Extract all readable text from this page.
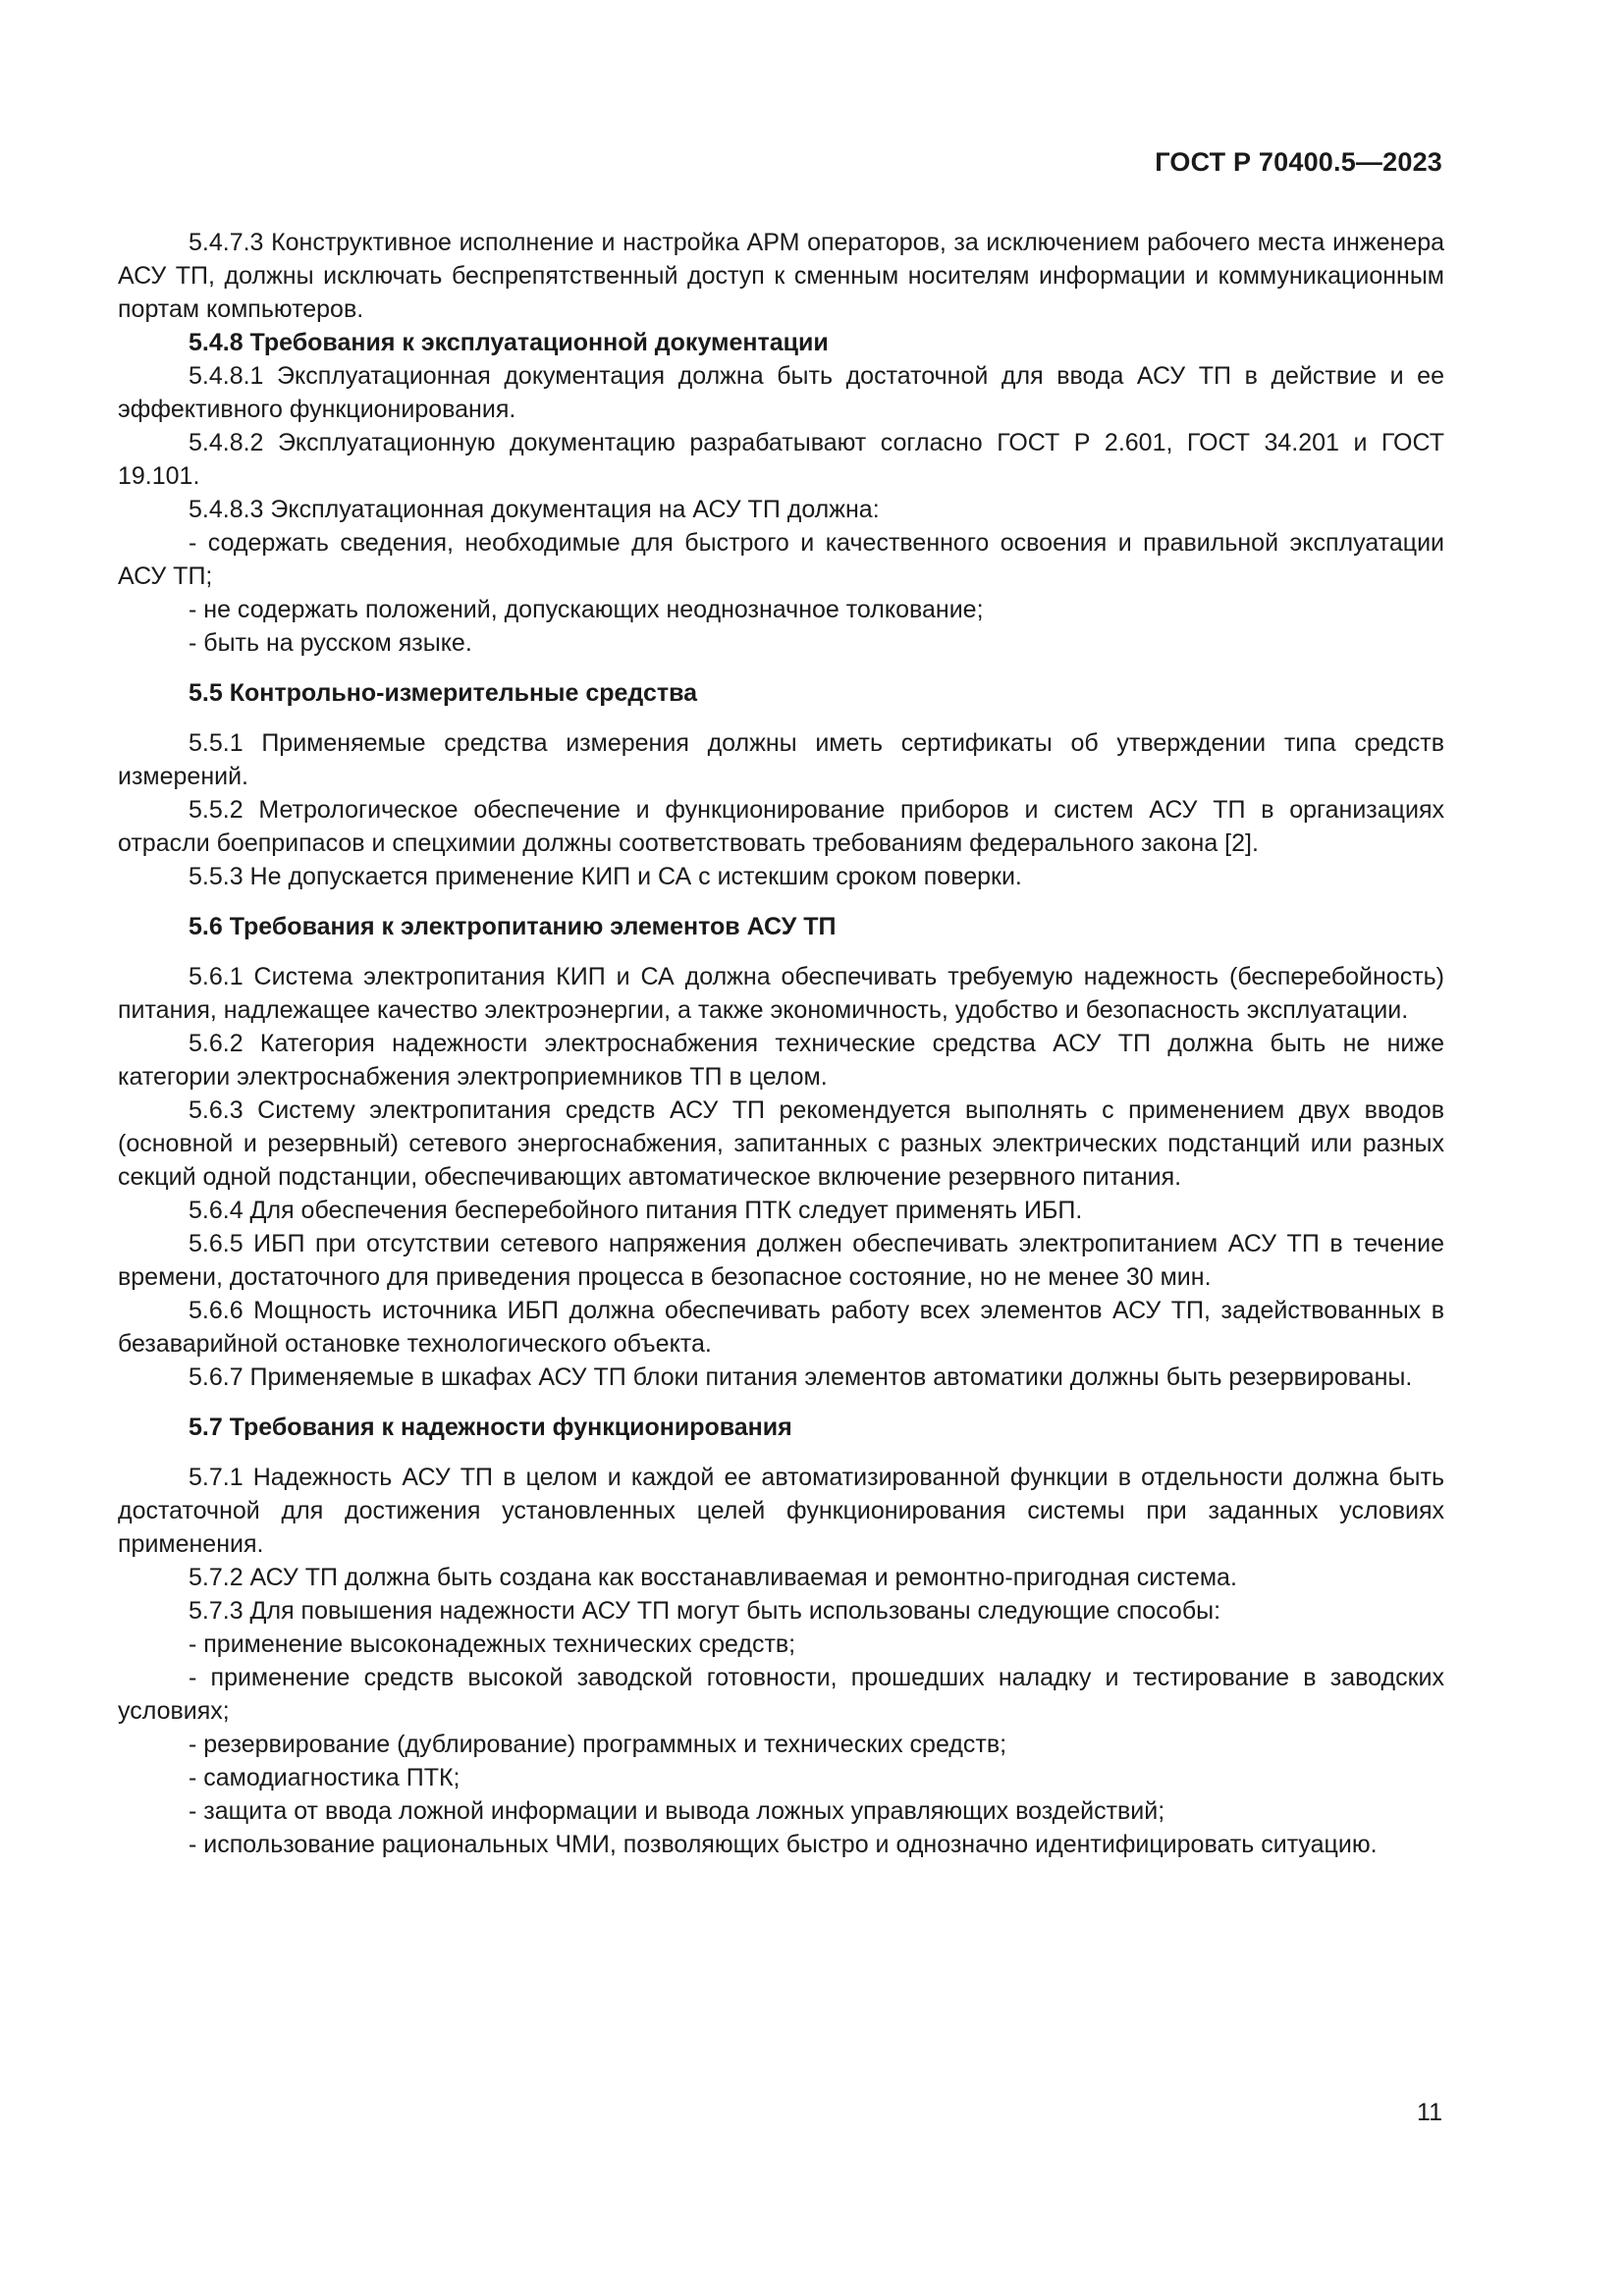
ГОСТ Р 70400.5—2023

5.4.7.3 Конструктивное исполнение и настройка АРМ операторов, за исключением рабочего места инженера АСУ ТП, должны исключать беспрепятственный доступ к сменным носителям информации и коммуникационным портам компьютеров.

5.4.8 Требования к эксплуатационной документации

5.4.8.1 Эксплуатационная документация должна быть достаточной для ввода АСУ ТП в действие и ее эффективного функционирования.

5.4.8.2 Эксплуатационную документацию разрабатывают согласно ГОСТ Р 2.601, ГОСТ 34.201 и ГОСТ 19.101.

5.4.8.3 Эксплуатационная документация на АСУ ТП должна:

- содержать сведения, необходимые для быстрого и качественного освоения и правильной эксплуатации АСУ ТП;

- не содержать положений, допускающих неоднозначное толкование;

- быть на русском языке.

5.5 Контрольно-измерительные средства

5.5.1 Применяемые средства измерения должны иметь сертификаты об утверждении типа средств измерений.

5.5.2 Метрологическое обеспечение и функционирование приборов и систем АСУ ТП в организациях отрасли боеприпасов и спецхимии должны соответствовать требованиям федерального закона [2].

5.5.3 Не допускается применение КИП и СА с истекшим сроком поверки.

5.6 Требования к электропитанию элементов АСУ ТП

5.6.1 Система электропитания КИП и СА должна обеспечивать требуемую надежность (бесперебойность) питания, надлежащее качество электроэнергии, а также экономичность, удобство и безопасность эксплуатации.

5.6.2 Категория надежности электроснабжения технические средства АСУ ТП должна быть не ниже категории электроснабжения электроприемников ТП в целом.

5.6.3 Систему электропитания средств АСУ ТП рекомендуется выполнять с применением двух вводов (основной и резервный) сетевого энергоснабжения, запитанных с разных электрических подстанций или разных секций одной подстанции, обеспечивающих автоматическое включение резервного питания.

5.6.4 Для обеспечения бесперебойного питания ПТК следует применять ИБП.

5.6.5 ИБП при отсутствии сетевого напряжения должен обеспечивать электропитанием АСУ ТП в течение времени, достаточного для приведения процесса в безопасное состояние, но не менее 30 мин.

5.6.6 Мощность источника ИБП должна обеспечивать работу всех элементов АСУ ТП, задействованных в безаварийной остановке технологического объекта.

5.6.7 Применяемые в шкафах АСУ ТП блоки питания элементов автоматики должны быть резервированы.

5.7 Требования к надежности функционирования

5.7.1 Надежность АСУ ТП в целом и каждой ее автоматизированной функции в отдельности должна быть достаточной для достижения установленных целей функционирования системы при заданных условиях применения.

5.7.2 АСУ ТП должна быть создана как восстанавливаемая и ремонтно-пригодная система.

5.7.3 Для повышения надежности АСУ ТП могут быть использованы следующие способы:

- применение высоконадежных технических средств;

- применение средств высокой заводской готовности, прошедших наладку и тестирование в заводских условиях;

- резервирование (дублирование) программных и технических средств;

- самодиагностика ПТК;

- защита от ввода ложной информации и вывода ложных управляющих воздействий;

- использование рациональных ЧМИ, позволяющих быстро и однозначно идентифицировать ситуацию.

11
